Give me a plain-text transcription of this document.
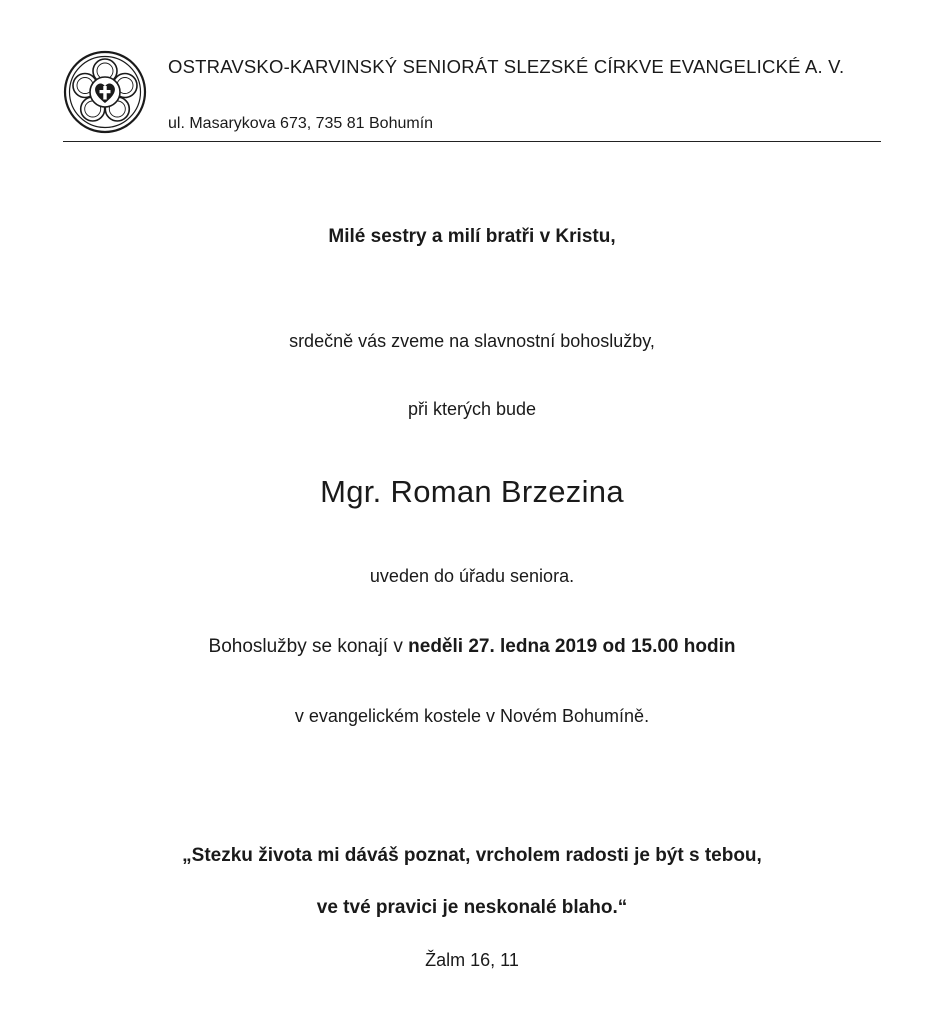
OSTRAVSKO-KARVINSKÝ SENIORÁT SLEZSKÉ CÍRKVE EVANGELICKÉ A. V.
ul. Masarykova 673, 735 81 Bohumín
Milé sestry a milí bratři v Kristu,
srdečně vás zveme na slavnostní bohoslužby,
při kterých bude
Mgr. Roman Brzezina
uveden do úřadu seniora.
Bohoslužby se konají v neděli 27. ledna 2019 od 15.00 hodin
v evangelickém kostele v Novém Bohumíně.
„Stezku života mi dáváš poznat, vrcholem radosti je být s tebou,
ve tvé pravici je neskonalé blaho.“
Žalm 16, 11
